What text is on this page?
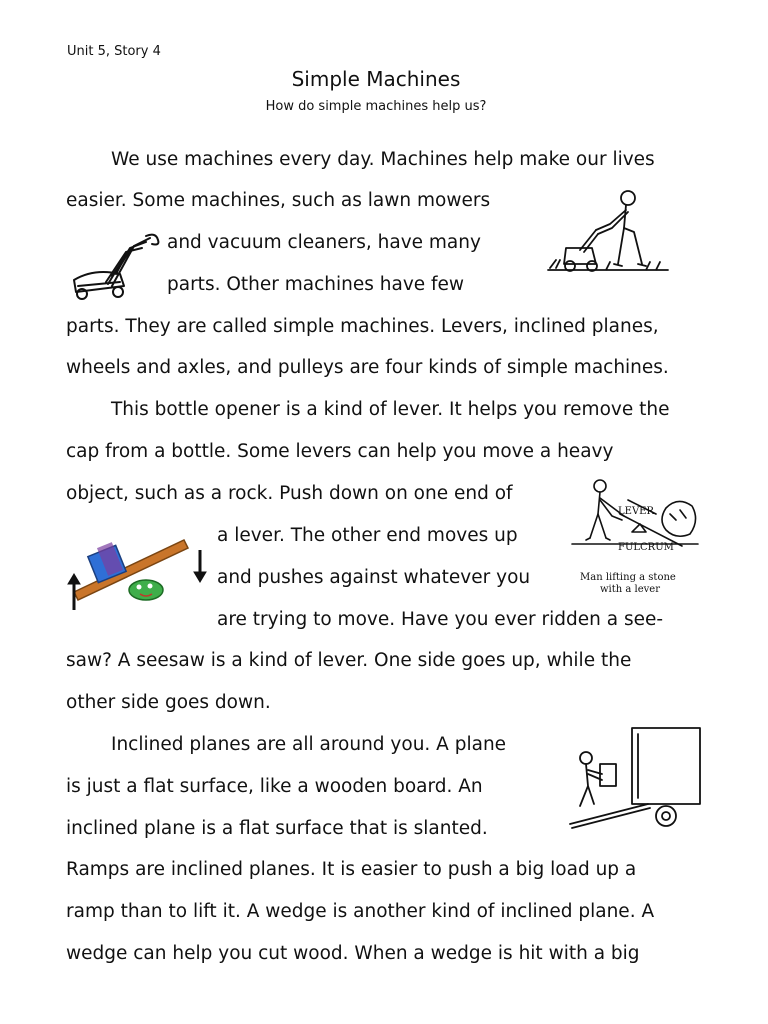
Unit 5, Story 4
Simple Machines
How do simple machines help us?
We use machines every day. Machines help make our lives
easier. Some machines, such as lawn mowers
and vacuum cleaners, have many
parts. Other machines have few
parts. They are called simple machines. Levers, inclined planes,
wheels and axles, and pulleys are four kinds of simple machines.
This bottle opener is a kind of lever. It helps you remove the
cap from a bottle. Some levers can help you move a heavy
object, such as a rock. Push down on one end of
a lever. The other end moves up
and pushes against whatever you
are trying to move. Have you ever ridden a see-
saw? A seesaw is a kind of lever. One side goes up, while the
other side goes down.
Inclined planes are all around you. A plane
is just a flat surface, like a wooden board. An
inclined plane is a flat surface that is slanted.
Ramps are inclined planes. It is easier to push a big load up a
ramp than to lift it. A wedge is another kind of inclined plane. A
wedge can help you cut wood. When a wedge is hit with a big
LEVER
FULCRUM
Man lifting a stone
with a lever
